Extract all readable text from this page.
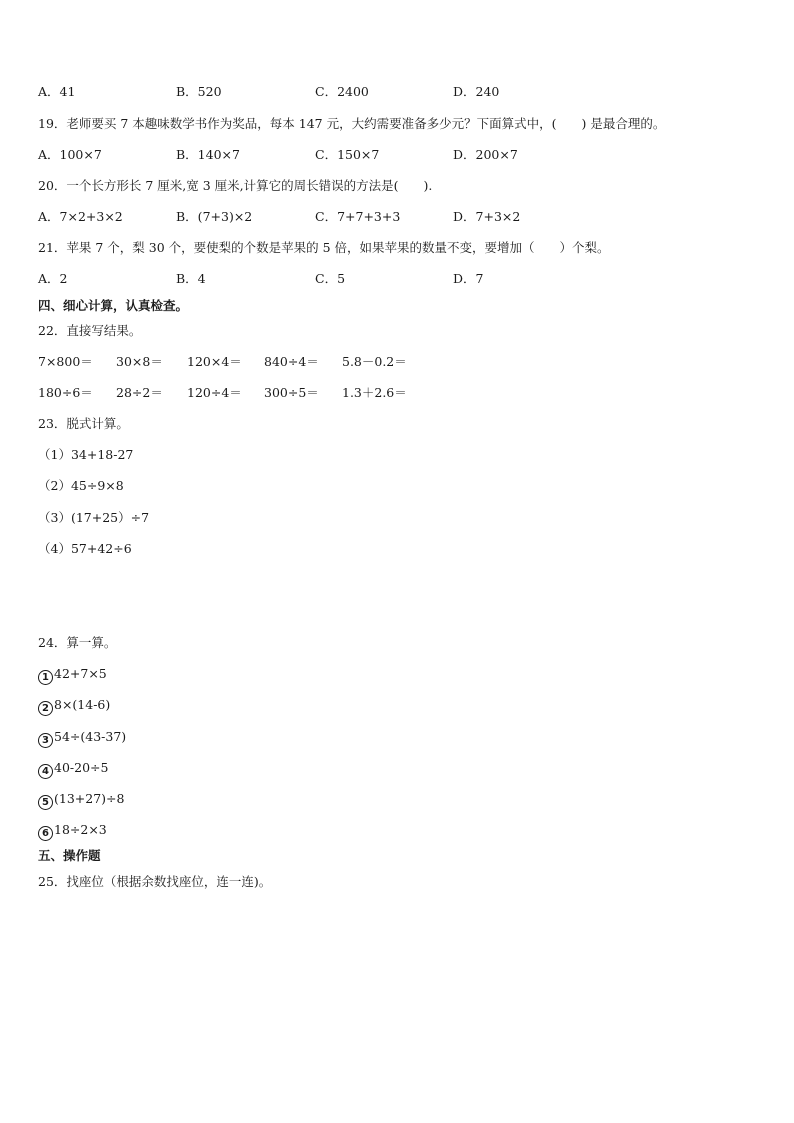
A．41	B．520	C．2400	D．240
19．老师要买 7 本趣味数学书作为奖品，每本 147 元，大约需要准备多少元？下面算式中，(　　) 是最合理的。
A．100×7	B．140×7	C．150×7	D．200×7
20．一个长方形长 7 厘米,宽 3 厘米,计算它的周长错误的方法是(　　).
A．7×2+3×2	B．(7+3)×2	C．7+7+3+3	D．7+3×2
21．苹果 7 个，梨 30 个，要使梨的个数是苹果的 5 倍，如果苹果的数量不变，要增加（　　）个梨。
A．2	B．4	C．5	D．7
四、细心计算，认真检查。
22．直接写结果。
7×800＝ 30×8＝ 120×4＝ 840÷4＝ 5.8－0.2＝
180÷6＝ 28÷2＝ 120÷4＝ 300÷5＝ 1.3＋2.6＝
23．脱式计算。
（1）34+18-27
（2）45÷9×8
（3）(17+25）÷7
（4）57+42÷6
24．算一算。
1 42+7×5
2 8×(14-6)
3 54÷(43-37)
4 40-20÷5
5 (13+27)÷8
6 18÷2×3
五、操作题
25．找座位（根据余数找座位，连一连)。
